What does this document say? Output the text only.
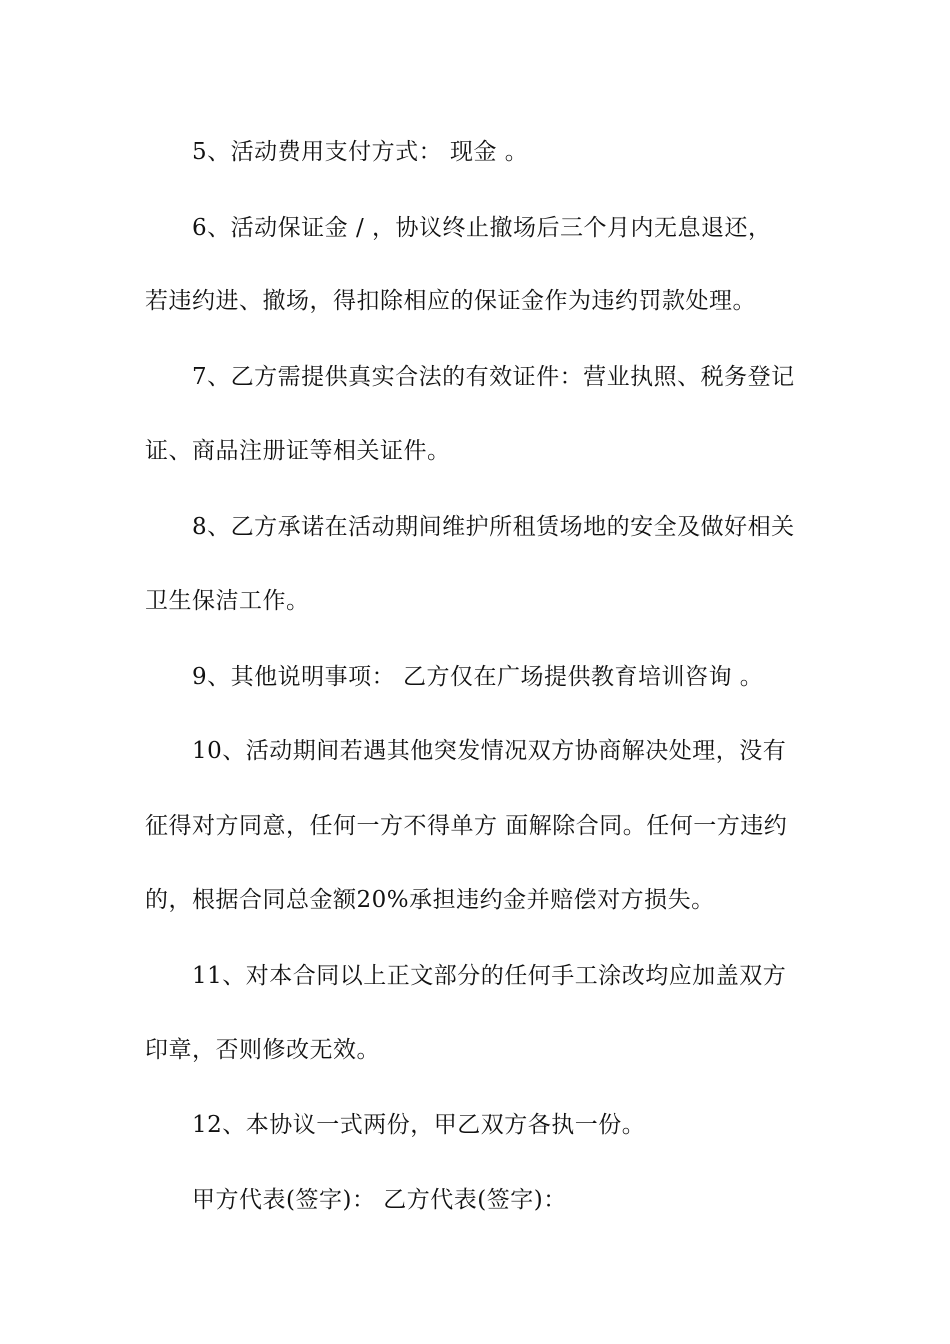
5、活动费用支付方式： 现金 。
6、活动保证金 / ，协议终止撤场后三个月内无息退还，
若违约进、撤场，得扣除相应的保证金作为违约罚款处理。
7、乙方需提供真实合法的有效证件：营业执照、税务登记
证、商品注册证等相关证件。
8、乙方承诺在活动期间维护所租赁场地的安全及做好相关
卫生保洁工作。
9、其他说明事项： 乙方仅在广场提供教育培训咨询 。
10、活动期间若遇其他突发情况双方协商解决处理，没有
征得对方同意，任何一方不得单方 面解除合同。任何一方违约
的，根据合同总金额20%承担违约金并赔偿对方损失。
11、对本合同以上正文部分的任何手工涂改均应加盖双方
印章，否则修改无效。
12、本协议一式两份，甲乙双方各执一份。
甲方代表(签字)： 乙方代表(签字)：
